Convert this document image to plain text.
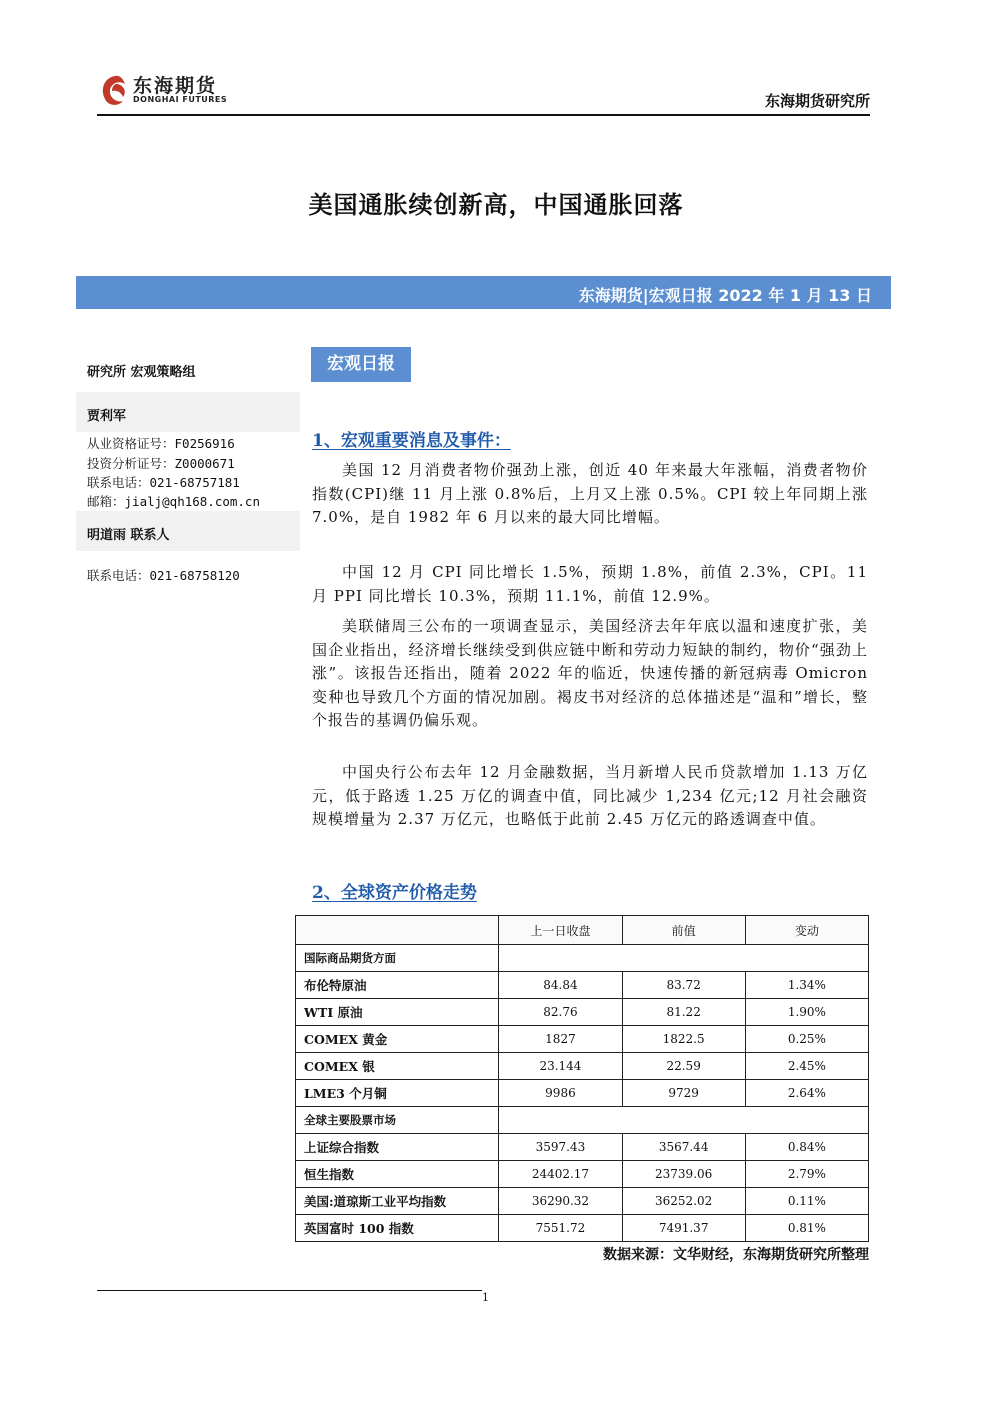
东海期货
DONGHAI FUTURES	东海期货研究所
美国通胀续创新高，中国通胀回落
东海期货|宏观日报 2022 年 1 月 13 日
研究所 宏观策略组
贾利军
从业资格证号：F0256916
投资分析证号：Z0000671
联系电话：021-68757181
邮箱：jialj@qh168.com.cn
明道雨 联系人
联系电话：021-68758120
宏观日报
1、宏观重要消息及事件：
美国 12 月消费者物价强劲上涨，创近 40 年来最大年涨幅，消费者物价指数(CPI)继 11 月上涨 0.8%后，上月又上涨 0.5%。CPI 较上年同期上涨 7.0%，是自 1982 年 6 月以来的最大同比增幅。
中国 12 月 CPI 同比增长 1.5%，预期 1.8%，前值 2.3%，CPI。11 月 PPI 同比增长 10.3%，预期 11.1%，前值 12.9%。
美联储周三公布的一项调查显示，美国经济去年年底以温和速度扩张，美国企业指出，经济增长继续受到供应链中断和劳动力短缺的制约，物价“强劲上涨”。该报告还指出，随着 2022 年的临近，快速传播的新冠病毒 Omicron 变种也导致几个方面的情况加剧。褐皮书对经济的总体描述是“温和”增长，整个报告的基调仍偏乐观。
中国央行公布去年 12 月金融数据，当月新增人民币贷款增加 1.13 万亿元，低于路透 1.25 万亿的调查中值，同比减少 1,234 亿元;12 月社会融资规模增量为 2.37 万亿元，也略低于此前 2.45 万亿元的路透调查中值。
2、全球资产价格走势
	上一日收盘	前值	变动
国际商品期货方面			
布伦特原油	84.84	83.72	1.34%
WTI 原油	82.76	81.22	1.90%
COMEX 黄金	1827	1822.5	0.25%
COMEX 银	23.144	22.59	2.45%
LME3 个月铜	9986	9729	2.64%
全球主要股票市场			
上证综合指数	3597.43	3567.44	0.84%
恒生指数	24402.17	23739.06	2.79%
美国:道琼斯工业平均指数	36290.32	36252.02	0.11%
英国富时 100 指数	7551.72	7491.37	0.81%
数据来源：文华财经，东海期货研究所整理
1
